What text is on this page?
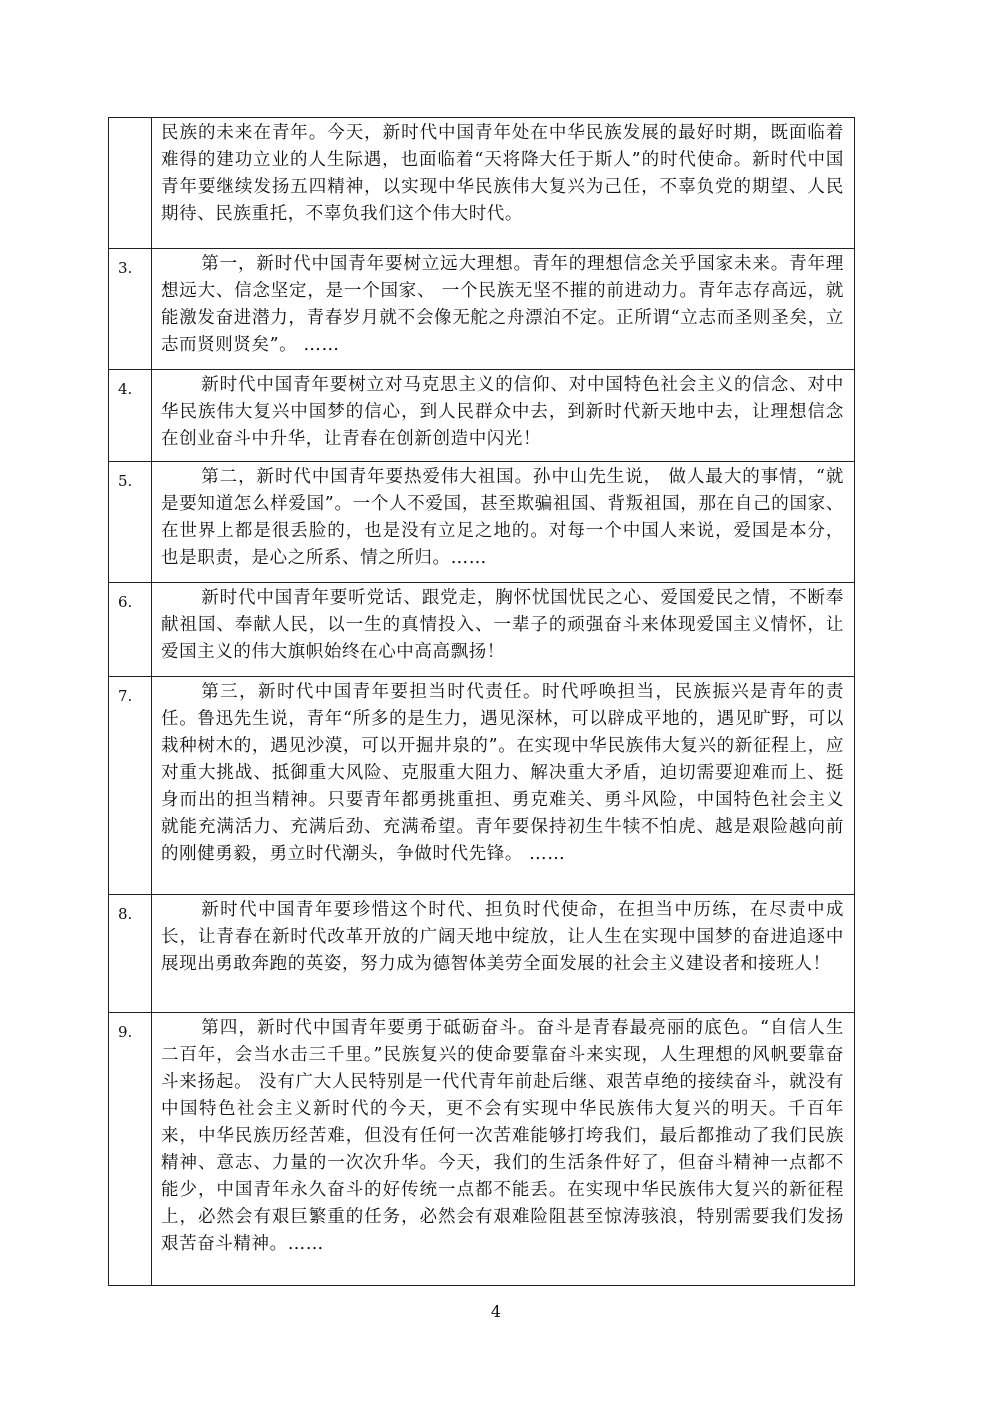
	民族的未来在青年。今天，新时代中国青年处在中华民族发展的最好时期，既面临着难得的建功立业的人生际遇，也面临着“天将降大任于斯人”的时代使命。新时代中国青年要继续发扬五四精神，以实现中华民族伟大复兴为己任，不辜负党的期望、人民期待、民族重托，不辜负我们这个伟大时代。

3.	第一，新时代中国青年要树立远大理想。青年的理想信念关乎国家未来。青年理想远大、信念坚定，是一个国家、 一个民族无坚不摧的前进动力。青年志存高远，就能激发奋进潜力，青春岁月就不会像无舵之舟漂泊不定。正所谓“立志而圣则圣矣，立志而贤则贤矣”。 ……

4.	新时代中国青年要树立对马克思主义的信仰、对中国特色社会主义的信念、对中华民族伟大复兴中国梦的信心，到人民群众中去，到新时代新天地中去，让理想信念在创业奋斗中升华，让青春在创新创造中闪光！

5.	第二，新时代中国青年要热爱伟大祖国。孙中山先生说， 做人最大的事情，“就是要知道怎么样爱国”。一个人不爱国，甚至欺骗祖国、背叛祖国，那在自己的国家、在世界上都是很丢脸的，也是没有立足之地的。对每一个中国人来说，爱国是本分，也是职责，是心之所系、情之所归。……

6.	新时代中国青年要听党话、跟党走，胸怀忧国忧民之心、爱国爱民之情，不断奉献祖国、奉献人民，以一生的真情投入、一辈子的顽强奋斗来体现爱国主义情怀，让爱国主义的伟大旗帜始终在心中高高飘扬！

7.	第三，新时代中国青年要担当时代责任。时代呼唤担当，民族振兴是青年的责任。鲁迅先生说，青年“所多的是生力，遇见深林，可以辟成平地的，遇见旷野，可以栽种树木的，遇见沙漠，可以开掘井泉的”。在实现中华民族伟大复兴的新征程上，应对重大挑战、抵御重大风险、克服重大阻力、解决重大矛盾，迫切需要迎难而上、挺身而出的担当精神。只要青年都勇挑重担、勇克难关、勇斗风险，中国特色社会主义就能充满活力、充满后劲、充满希望。青年要保持初生牛犊不怕虎、越是艰险越向前的刚健勇毅，勇立时代潮头，争做时代先锋。 ……

8.	新时代中国青年要珍惜这个时代、担负时代使命，在担当中历练，在尽责中成长，让青春在新时代改革开放的广阔天地中绽放，让人生在实现中国梦的奋进追逐中展现出勇敢奔跑的英姿，努力成为德智体美劳全面发展的社会主义建设者和接班人！

9.	第四，新时代中国青年要勇于砥砺奋斗。奋斗是青春最亮丽的底色。“自信人生二百年，会当水击三千里。”民族复兴的使命要靠奋斗来实现，人生理想的风帆要靠奋斗来扬起。 没有广大人民特别是一代代青年前赴后继、艰苦卓绝的接续奋斗，就没有中国特色社会主义新时代的今天，更不会有实现中华民族伟大复兴的明天。千百年来，中华民族历经苦难，但没有任何一次苦难能够打垮我们，最后都推动了我们民族精神、意志、力量的一次次升华。今天，我们的生活条件好了，但奋斗精神一点都不能少，中国青年永久奋斗的好传统一点都不能丢。在实现中华民族伟大复兴的新征程上，必然会有艰巨繁重的任务，必然会有艰难险阻甚至惊涛骇浪，特别需要我们发扬艰苦奋斗精神。……

4
